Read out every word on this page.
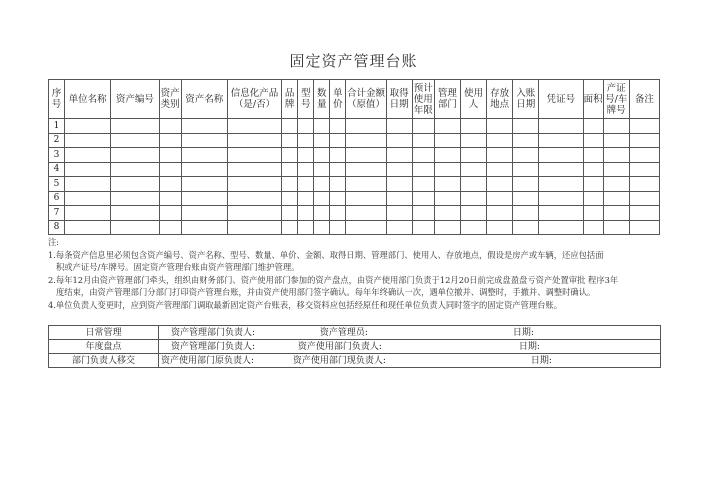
固定资产管理台账
序号	单位名称	资产编号	资产类别	资产名称	信息化产品（是/否）	品牌	型号	数量	单价	合计金额（原值）	取得日期	预计使用年限	管理部门	使用人	存放地点	入账日期	凭证号	面积	产证号/车牌号	备注
1																				
2																				
3																				
4																				
5																				
6																				
7																				
8																				

注:

1.每条资产信息里必须包含资产编号、资产名称、型号、数量、单价、金额、取得日期、管理部门、使用人、存放地点，假设是房产或车辆，还应包括面

积或产证号/车牌号。固定资产管理台账由资产管理部门维护管理。

2.每年12月由资产管理部门牵头，组织由财务部门、资产使用部门参加的资产盘点，由资产使用部门负责于12月20日前完成盘盈盘亏资产处置审批 程序3年

度结束，由资产管理部门分部门打印资产管理台账，并由资产使用部门签字确认。每年年终确认一次，遇单位撤并、调整时，手撤并、调整时确认。

4.单位负责人变更时，应到资产管理部门调取最新固定资产台账表，移交资料应包括经原任和现任单位负责人同时签字的固定资产管理台账。

日常管理	资产管理部门负责人: 资产管理员: 日期:
年度盘点	资产管理部门负责人: 资产使用部门负责人: 日期:
部门负责人移交	资产使用部门原负责人: 资产使用部门现负责人: 日期:
